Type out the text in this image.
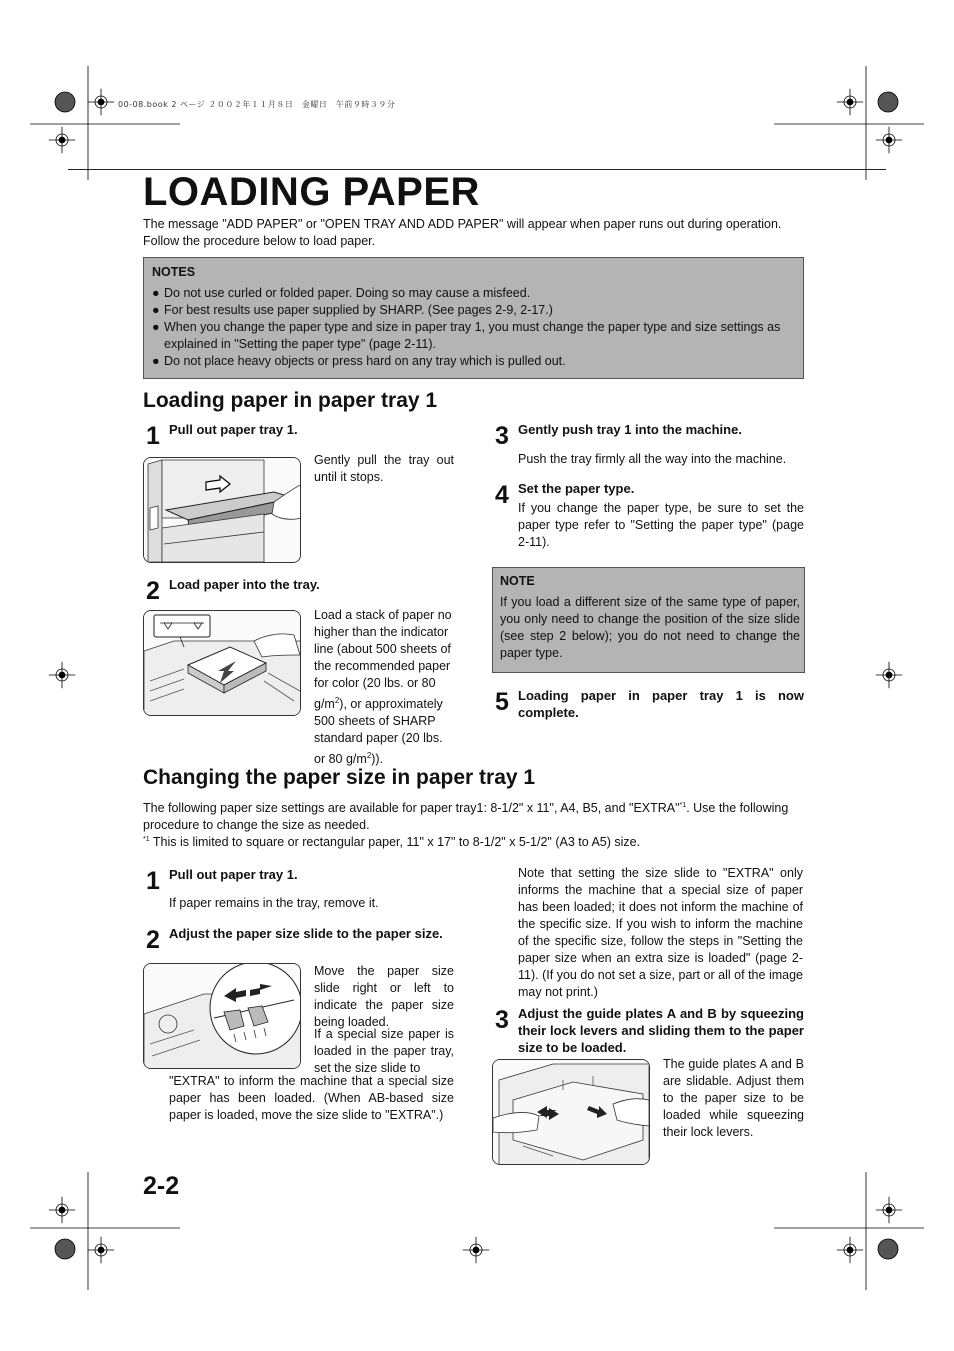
00-08.book 2 ページ ２００２年１１月８日　金曜日　午前９時３９分
LOADING PAPER
The message "ADD PAPER" or "OPEN TRAY AND ADD PAPER" will appear when paper runs out during operation.
Follow the procedure below to load paper.
NOTES
● Do not use curled or folded paper. Doing so may cause a misfeed.
● For best results use paper supplied by SHARP. (See pages 2-9, 2-17.)
● When you change the paper type and size in paper tray 1, you must change the paper type and size settings as explained in "Setting the paper type" (page 2-11).
● Do not place heavy objects or press hard on any tray which is pulled out.
Loading paper in paper tray 1
1 Pull out paper tray 1.
Gently pull the tray out until it stops.
2 Load paper into the tray.
Load a stack of paper no higher than the indicator line (about 500 sheets of the recommended paper for color (20 lbs. or 80 $g/m^2$), or approximately 500 sheets of SHARP standard paper (20 lbs. or 80 $g/m^2$)).
3 Gently push tray 1 into the machine.
Push the tray firmly all the way into the machine.
4 Set the paper type.
If you change the paper type, be sure to set the paper type refer to "Setting the paper type" (page 2-11).
NOTE
If you load a different size of the same type of paper, you only need to change the position of the size slide (see step 2 below); you do not need to change the paper type.
5 Loading paper in paper tray 1 is now complete.
Changing the paper size in paper tray 1
The following paper size settings are available for paper tray1: 8-1/2" x 11", A4, B5, and "EXTRA"$^{*1}$. Use the following procedure to change the size as needed.
$^{*1}$ This is limited to square or rectangular paper, 11" x 17" to 8-1/2" x 5-1/2" (A3 to A5) size.
1 Pull out paper tray 1.
If paper remains in the tray, remove it.
2 Adjust the paper size slide to the paper size.
Move the paper size slide right or left to indicate the paper size being loaded.
If a special size paper is loaded in the paper tray, set the size slide to
"EXTRA" to inform the machine that a special size paper has been loaded. (When AB-based size paper is loaded, move the size slide to "EXTRA".)
Note that setting the size slide to "EXTRA" only informs the machine that a special size of paper has been loaded; it does not inform the machine of the specific size. If you wish to inform the machine of the specific size, follow the steps in "Setting the paper size when an extra size is loaded" (page 2-11). (If you do not set a size, part or all of the image may not print.)
3 Adjust the guide plates A and B by squeezing their lock levers and sliding them to the paper size to be loaded.
The guide plates A and B are slidable. Adjust them to the paper size to be loaded while squeezing their lock levers.
2-2
